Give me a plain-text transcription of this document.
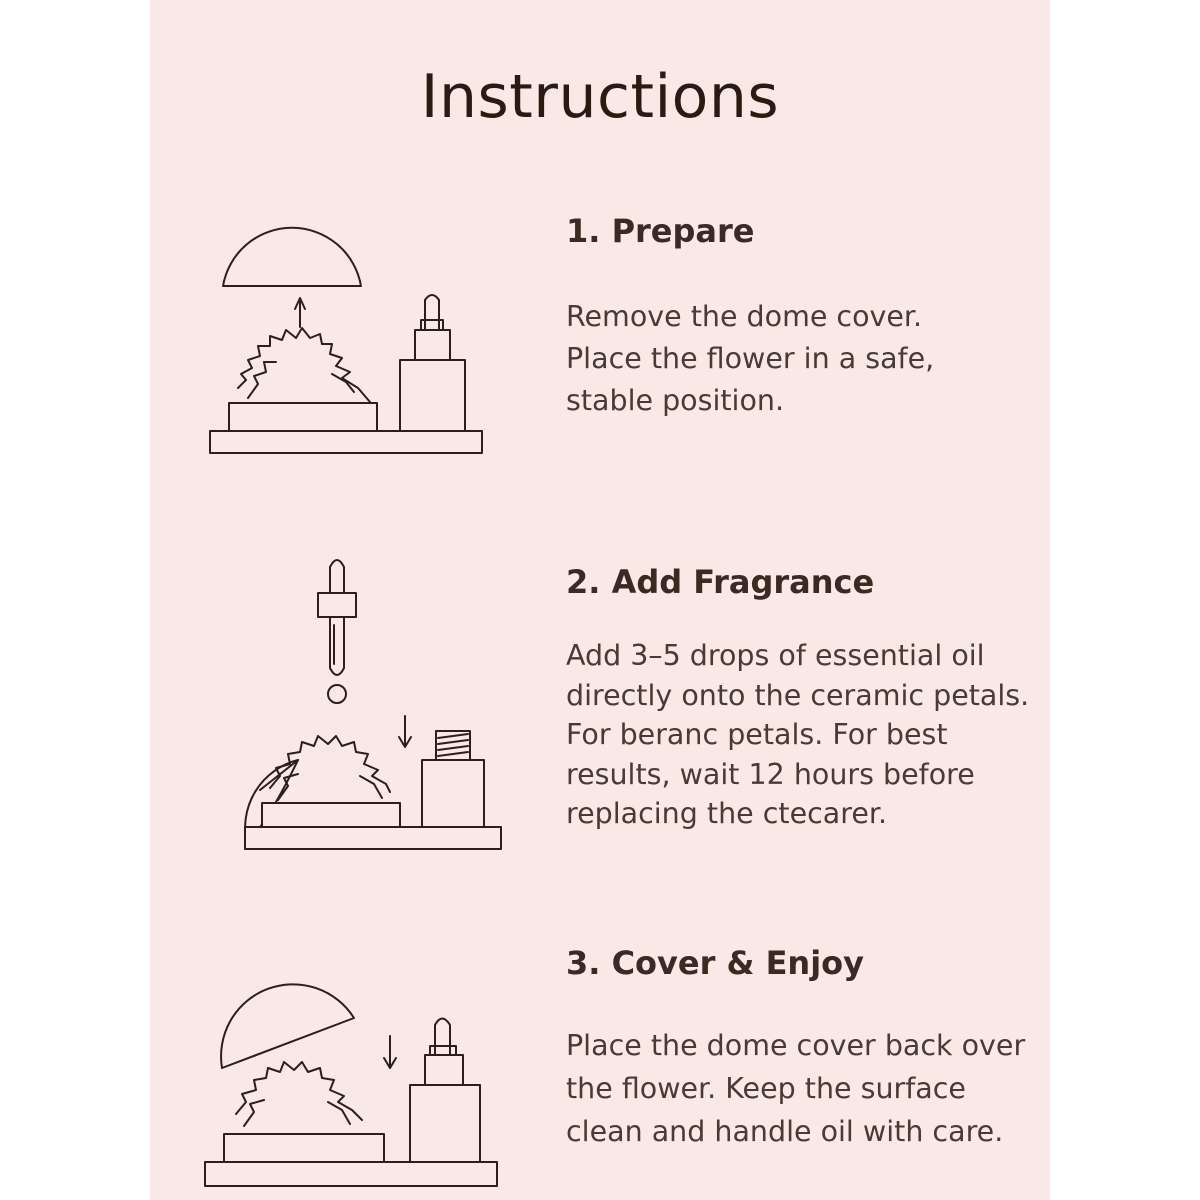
Instructions
1. Prepare
Remove the dome cover.
Place the flower in a safe,
stable position.
2. Add Fragrance
Add 3–5 drops of essential oil
directly onto the ceramic petals.
For beranc petals. For best
results, wait 12 hours before
replacing the ctecarer.
3. Cover & Enjoy
Place the dome cover back over
the flower. Keep the surface
clean and handle oil with care.
